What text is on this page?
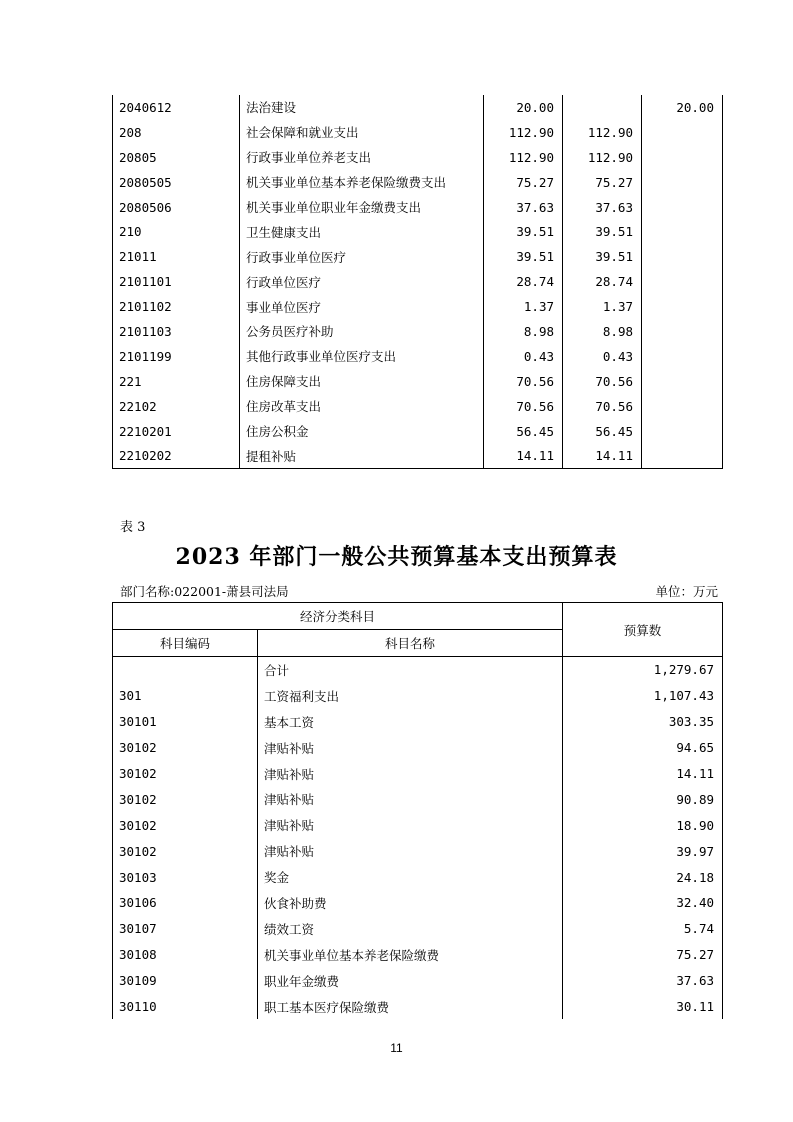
2040612	法治建设	20.00		20.00
208	社会保障和就业支出	112.90	112.90	
20805	行政事业单位养老支出	112.90	112.90	
2080505	机关事业单位基本养老保险缴费支出	75.27	75.27	
2080506	机关事业单位职业年金缴费支出	37.63	37.63	
210	卫生健康支出	39.51	39.51	
21011	行政事业单位医疗	39.51	39.51	
2101101	行政单位医疗	28.74	28.74	
2101102	事业单位医疗	1.37	1.37	
2101103	公务员医疗补助	8.98	8.98	
2101199	其他行政事业单位医疗支出	0.43	0.43	
221	住房保障支出	70.56	70.56	
22102	住房改革支出	70.56	70.56	
2210201	住房公积金	56.45	56.45	
2210202	提租补贴	14.11	14.11	
表 3
2023 年部门一般公共预算基本支出预算表
部门名称:022001-萧县司法局	单位：万元
经济分类科目		预算数
科目编码	科目名称	
	合计	1,279.67
301	工资福利支出	1,107.43
30101	基本工资	303.35
30102	津贴补贴	94.65
30102	津贴补贴	14.11
30102	津贴补贴	90.89
30102	津贴补贴	18.90
30102	津贴补贴	39.97
30103	奖金	24.18
30106	伙食补助费	32.40
30107	绩效工资	5.74
30108	机关事业单位基本养老保险缴费	75.27
30109	职业年金缴费	37.63
30110	职工基本医疗保险缴费	30.11
11
